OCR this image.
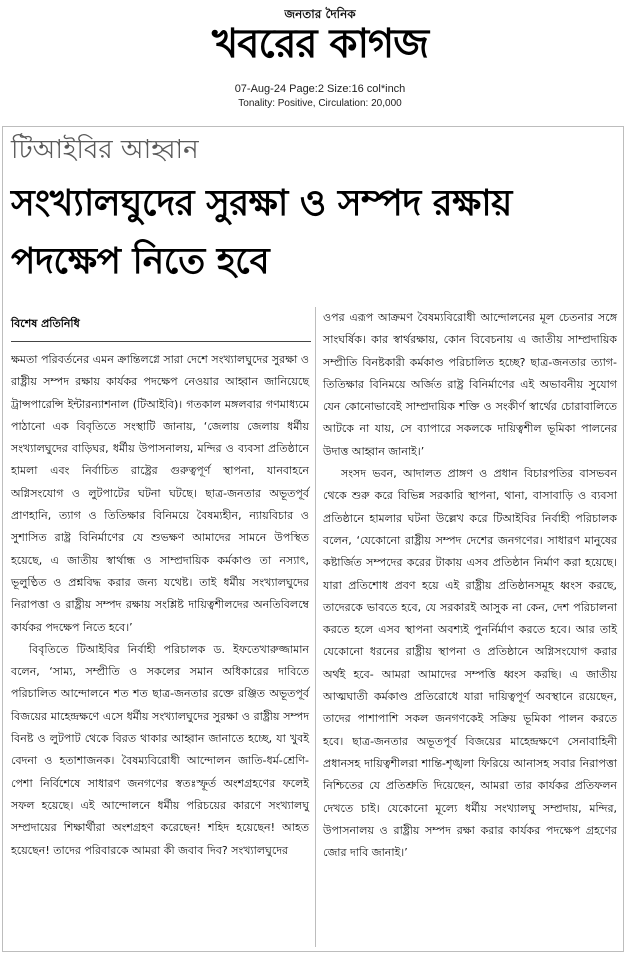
জনতার দৈনিক
খবরের কাগজ
07-Aug-24 Page:2 Size:16 col*inch
Tonality: Positive, Circulation: 20,000
টিআইবির আহ্বান
সংখ্যালঘুদের সুরক্ষা ও সম্পদ রক্ষায় পদক্ষেপ নিতে হবে
বিশেষ প্রতিনিধি

ক্ষমতা পরিবর্তনের এমন ক্রান্তিলগ্নে সারা দেশে সংখ্যালঘুদের সুরক্ষা ও রাষ্ট্রীয় সম্পদ রক্ষায় কার্যকর পদক্ষেপ নেওয়ার আহ্বান জানিয়েছে ট্রান্সপারেন্সি ইন্টারন্যাশনাল (টিআইবি)। গতকাল মঙ্গলবার গণমাধ্যমে পাঠানো এক বিবৃতিতে সংস্থাটি জানায়, ‘জেলায় জেলায় ধর্মীয় সংখ্যালঘুদের বাড়িঘর, ধর্মীয় উপাসনালয়, মন্দির ও ব্যবসা প্রতিষ্ঠানে হামলা এবং নির্বাচিত রাষ্ট্রের গুরুত্বপূর্ণ স্থাপনা, যানবাহনে অগ্নিসংযোগ ও লুটপাটের ঘটনা ঘটছে। ছাত্র-জনতার অভূতপূর্ব প্রাণহানি, ত্যাগ ও তিতিক্ষার বিনিময়ে বৈষম্যহীন, ন্যায়বিচার ও সুশাসিত রাষ্ট্র বিনির্মাণের যে শুভক্ষণ আমাদের সামনে উপস্থিত হয়েছে, এ জাতীয় স্বার্থান্ধ ও সাম্প্রদায়িক কর্মকাণ্ড তা নস্যাৎ, ভূলুণ্ঠিত ও প্রশ্নবিদ্ধ করার জন্য যথেষ্ট। তাই ধর্মীয় সংখ্যালঘুদের নিরাপত্তা ও রাষ্ট্রীয় সম্পদ রক্ষায় সংশ্লিষ্ট দায়িত্বশীলদের অনতিবিলম্বে কার্যকর পদক্ষেপ নিতে হবে।’

বিবৃতিতে টিআইবির নির্বাহী পরিচালক ড. ইফতেখারুজ্জামান বলেন, ‘সাম্য, সম্প্রীতি ও সকলের সমান অধিকারের দাবিতে পরিচালিত আন্দোলনে শত শত ছাত্র-জনতার রক্তে রঞ্জিত অভূতপূর্ব বিজয়ের মাহেন্দ্রক্ষণে এসে ধর্মীয় সংখ্যালঘুদের সুরক্ষা ও রাষ্ট্রীয় সম্পদ বিনষ্ট ও লুটপাট থেকে বিরত থাকার আহ্বান জানাতে হচ্ছে, যা খুবই বেদনা ও হতাশাজনক। বৈষম্যবিরোধী আন্দোলন জাতি-ধর্ম-শ্রেণি-পেশা নির্বিশেষে সাধারণ জনগণের স্বতঃস্ফূর্ত অংশগ্রহণের ফলেই সফল হয়েছে। এই আন্দোলনে ধর্মীয় পরিচয়ের কারণে সংখ্যালঘু সম্প্রদায়ের শিক্ষার্থীরা অংশগ্রহণ করেছেন! শহিদ হয়েছেন! আহত হয়েছেন! তাদের পরিবারকে আমরা কী জবাব দিব? সংখ্যালঘুদের

ওপর এরূপ আক্রমণ বৈষম্যবিরোধী আন্দোলনের মূল চেতনার সঙ্গে সাংঘর্ষিক। কার স্বার্থরক্ষায়, কোন বিবেচনায় এ জাতীয় সাম্প্রদায়িক সম্প্রীতি বিনষ্টকারী কর্মকাণ্ড পরিচালিত হচ্ছে? ছাত্র-জনতার ত্যাগ-তিতিক্ষার বিনিময়ে অর্জিত রাষ্ট্র বিনির্মাণের এই অভাবনীয় সুযোগ যেন কোনোভাবেই সাম্প্রদায়িক শক্তি ও সংকীর্ণ স্বার্থের চোরাবালিতে আটকে না যায়, সে ব্যাপারে সকলকে দায়িত্বশীল ভূমিকা পালনের উদাত্ত আহ্বান জানাই।’

সংসদ ভবন, আদালত প্রাঙ্গণ ও প্রধান বিচারপতির বাসভবন থেকে শুরু করে বিভিন্ন সরকারি স্থাপনা, থানা, বাসাবাড়ি ও ব্যবসা প্রতিষ্ঠানে হামলার ঘটনা উল্লেখ করে টিআইবির নির্বাহী পরিচালক বলেন, ‘যেকোনো রাষ্ট্রীয় সম্পদ দেশের জনগণের। সাধারণ মানুষের কষ্টার্জিত সম্পদের করের টাকায় এসব প্রতিষ্ঠান নির্মাণ করা হয়েছে। যারা প্রতিশোধ প্রবণ হয়ে এই রাষ্ট্রীয় প্রতিষ্ঠানসমূহ ধ্বংস করছে, তাদেরকে ভাবতে হবে, যে সরকারই আসুক না কেন, দেশ পরিচালনা করতে হলে এসব স্থাপনা অবশ্যই পুনর্নির্মাণ করতে হবে। আর তাই যেকোনো ধরনের রাষ্ট্রীয় স্থাপনা ও প্রতিষ্ঠানে অগ্নিসংযোগ করার অর্থই হবে- আমরা আমাদের সম্পত্তি ধ্বংস করছি। এ জাতীয় আত্মঘাতী কর্মকাণ্ড প্রতিরোধে যারা দায়িত্বপূর্ণ অবস্থানে রয়েছেন, তাদের পাশাপাশি সকল জনগণকেই সক্রিয় ভূমিকা পালন করতে হবে। ছাত্র-জনতার অভূতপূর্ব বিজয়ের মাহেন্দ্রক্ষণে সেনাবাহিনী প্রধানসহ দায়িত্বশীলরা শান্তি-শৃঙ্খলা ফিরিয়ে আনাসহ সবার নিরাপত্তা নিশ্চিতের যে প্রতিশ্রুতি দিয়েছেন, আমরা তার কার্যকর প্রতিফলন দেখতে চাই। যেকোনো মূল্যে ধর্মীয় সংখ্যালঘু সম্প্রদায়, মন্দির, উপাসনালয় ও রাষ্ট্রীয় সম্পদ রক্ষা করার কার্যকর পদক্ষেপ গ্রহণের জোর দাবি জানাই।’
